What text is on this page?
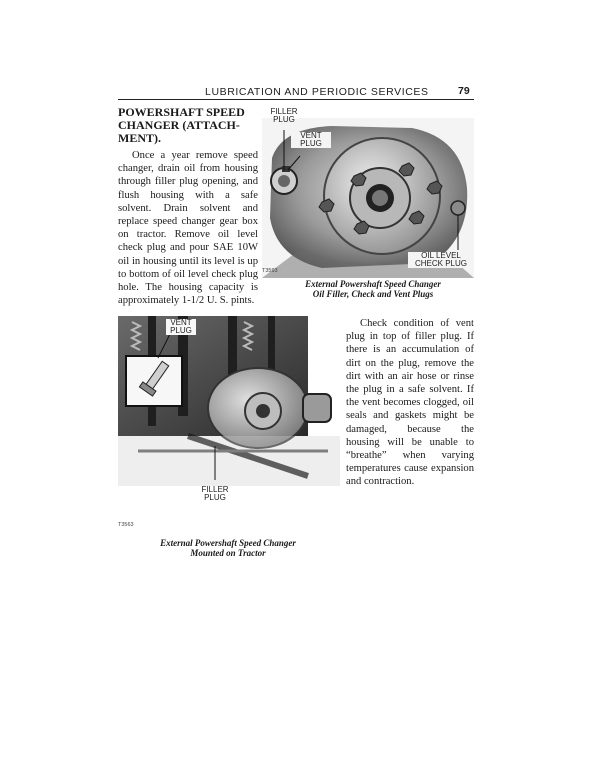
LUBRICATION AND PERIODIC SERVICES	79
POWERSHAFT SPEED
CHANGER (ATTACH-
MENT).
Once a year remove speed changer, drain oil from housing through filler plug opening, and flush housing with a safe solvent. Drain solvent and replace speed changer gear box on tractor. Remove oil level check plug and pour SAE 10W oil in housing until its level is up to bottom of oil level check plug hole. The housing capacity is approximately 1-1/2 U. S. pints.
FILLER
PLUG
VENT
PLUG
OIL LEVEL
CHECK PLUG
T3593
External Powershaft Speed Changer
Oil Filler, Check and Vent Plugs
VENT
PLUG
FILLER
PLUG
T3563
External Powershaft Speed Changer
Mounted on Tractor
Check condition of vent plug in top of filler plug. If there is an accumulation of dirt on the plug, remove the dirt with an air hose or rinse the plug in a safe solvent. If the vent becomes clogged, oil seals and gaskets might be damaged, because the housing will be unable to “breathe” when varying temperatures cause expansion and contraction.
